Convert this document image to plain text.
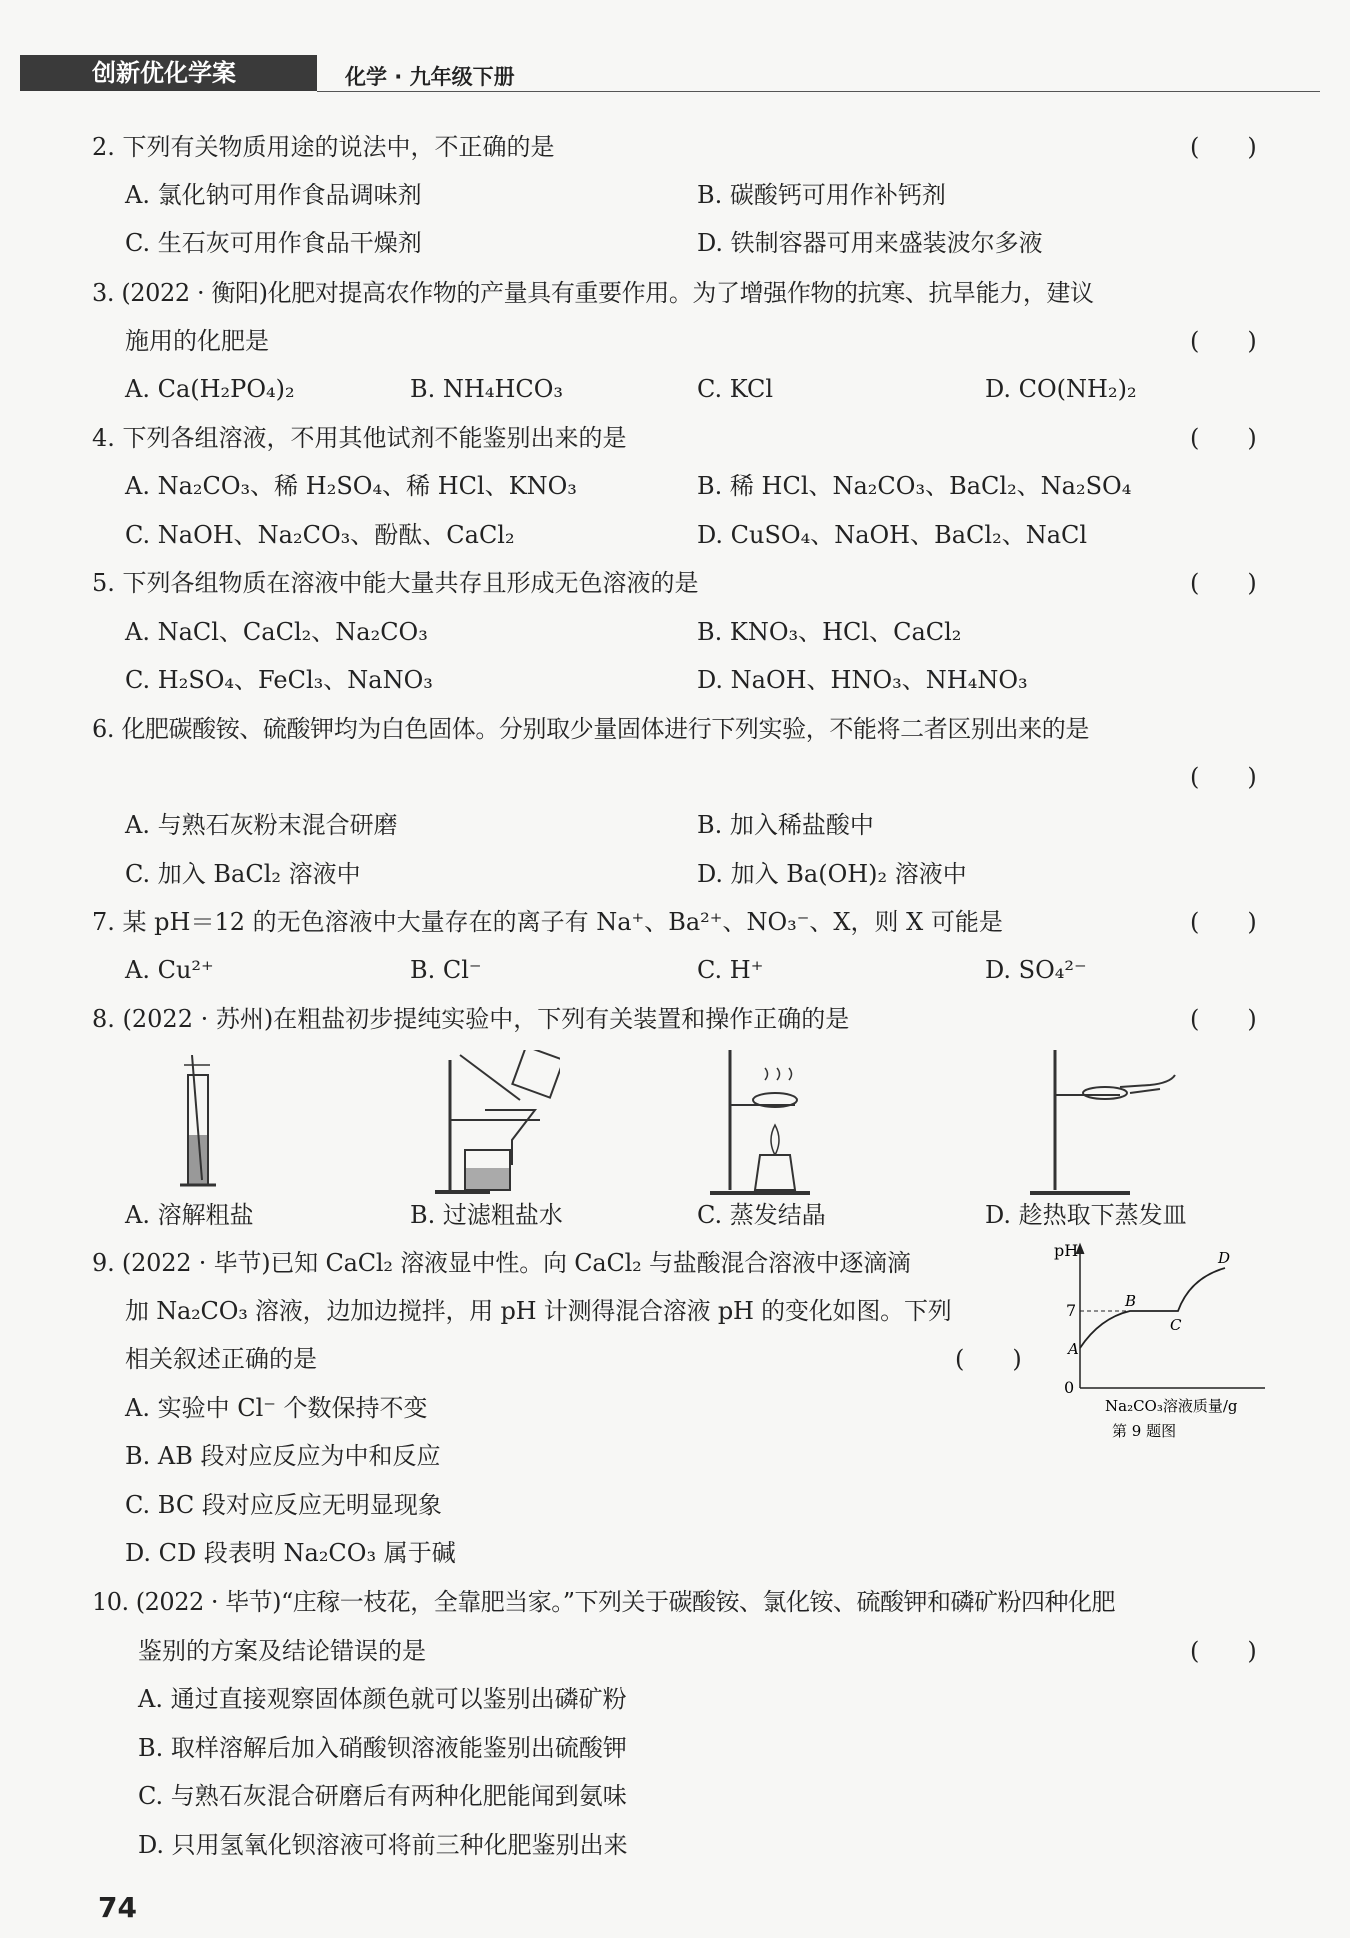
创新优化学案	化学 · 九年级下册
2. 下列有关物质用途的说法中，不正确的是	(　　)
A. 氯化钠可用作食品调味剂	B. 碳酸钙可用作补钙剂
C. 生石灰可用作食品干燥剂	D. 铁制容器可用来盛装波尔多液
3. (2022 · 衡阳)化肥对提高农作物的产量具有重要作用。为了增强作物的抗寒、抗旱能力，建议
施用的化肥是	(　　)
A. Ca(H₂PO₄)₂	B. NH₄HCO₃	C. KCl	D. CO(NH₂)₂
4. 下列各组溶液，不用其他试剂不能鉴别出来的是	(　　)
A. Na₂CO₃、稀 H₂SO₄、稀 HCl、KNO₃	B. 稀 HCl、Na₂CO₃、BaCl₂、Na₂SO₄
C. NaOH、Na₂CO₃、酚酞、CaCl₂	D. CuSO₄、NaOH、BaCl₂、NaCl
5. 下列各组物质在溶液中能大量共存且形成无色溶液的是	(　　)
A. NaCl、CaCl₂、Na₂CO₃	B. KNO₃、HCl、CaCl₂
C. H₂SO₄、FeCl₃、NaNO₃	D. NaOH、HNO₃、NH₄NO₃
6. 化肥碳酸铵、硫酸钾均为白色固体。分别取少量固体进行下列实验，不能将二者区别出来的是
(　　)
A. 与熟石灰粉末混合研磨	B. 加入稀盐酸中
C. 加入 BaCl₂ 溶液中	D. 加入 Ba(OH)₂ 溶液中
7. 某 pH＝12 的无色溶液中大量存在的离子有 Na⁺、Ba²⁺、NO₃⁻、X，则 X 可能是	(　　)
A. Cu²⁺	B. Cl⁻	C. H⁺	D. SO₄²⁻
8. (2022 · 苏州)在粗盐初步提纯实验中，下列有关装置和操作正确的是	(　　)
A. 溶解粗盐	B. 过滤粗盐水	C. 蒸发结晶	D. 趁热取下蒸发皿
9. (2022 · 毕节)已知 CaCl₂ 溶液显中性。向 CaCl₂ 与盐酸混合溶液中逐滴滴
加 Na₂CO₃ 溶液，边加边搅拌，用 pH 计测得混合溶液 pH 的变化如图。下列
相关叙述正确的是	(　　)
A. 实验中 Cl⁻ 个数保持不变
B. AB 段对应反应为中和反应
C. BC 段对应反应无明显现象
D. CD 段表明 Na₂CO₃ 属于碱
pH
0
7
A
B
C
D
Na₂CO₃溶液质量/g
第 9 题图
10. (2022 · 毕节)“庄稼一枝花，全靠肥当家。”下列关于碳酸铵、氯化铵、硫酸钾和磷矿粉四种化肥
鉴别的方案及结论错误的是	(　　)
A. 通过直接观察固体颜色就可以鉴别出磷矿粉
B. 取样溶解后加入硝酸钡溶液能鉴别出硫酸钾
C. 与熟石灰混合研磨后有两种化肥能闻到氨味
D. 只用氢氧化钡溶液可将前三种化肥鉴别出来
74
